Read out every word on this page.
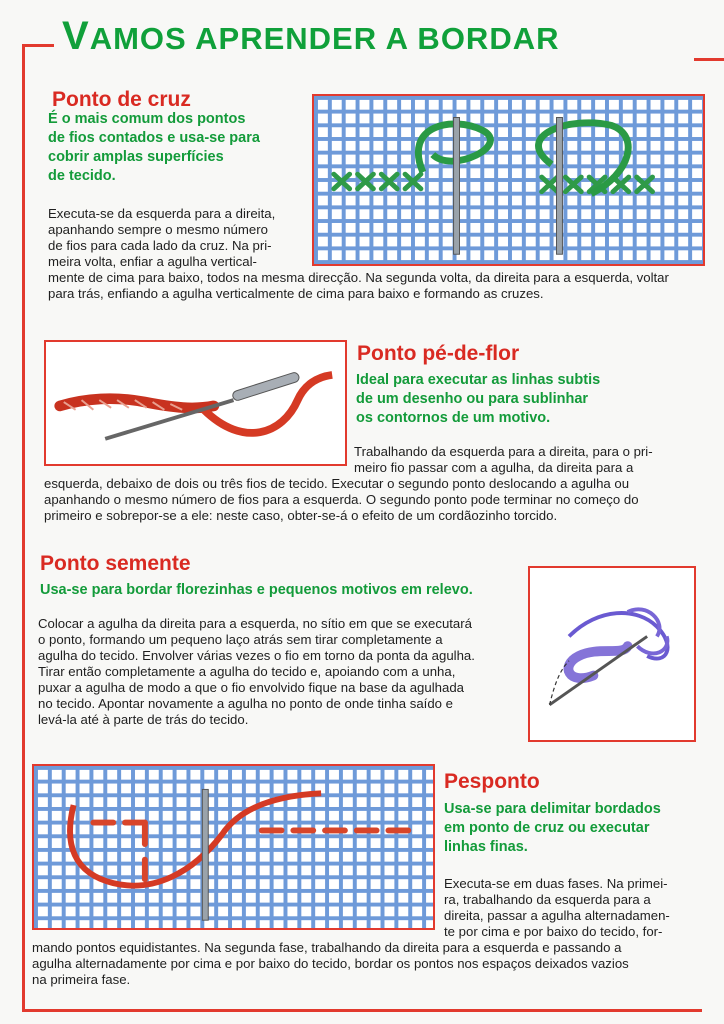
VAMOS APRENDER A BORDAR
Ponto de cruz
É o mais comum dos pontos
de fios contados e usa-se para
cobrir amplas superfícies
de tecido.
Executa-se da esquerda para a direita,
apanhando sempre o mesmo número
de fios para cada lado da cruz. Na pri-
meira volta, enfiar a agulha vertical-
mente de cima para baixo, todos na mesma direcção. Na segunda volta, da direita para a esquerda, voltar
para trás, enfiando a agulha verticalmente de cima para baixo e formando as cruzes.
Ponto pé-de-flor
Ideal para executar as linhas subtis
de um desenho ou para sublinhar
os contornos de um motivo.
Trabalhando da esquerda para a direita, para o pri-
meiro fio passar com a agulha, da direita para a
esquerda, debaixo de dois ou três fios de tecido. Executar o segundo ponto deslocando a agulha ou
apanhando o mesmo número de fios para a esquerda. O segundo ponto pode terminar no começo do
primeiro e sobrepor-se a ele: neste caso, obter-se-á o efeito de um cordãozinho torcido.
Ponto semente
Usa-se para bordar florezinhas e pequenos motivos em relevo.
Colocar a agulha da direita para a esquerda, no sítio em que se executará
o ponto, formando um pequeno laço atrás sem tirar completamente a
agulha do tecido. Envolver várias vezes o fio em torno da ponta da agulha.
Tirar então completamente a agulha do tecido e, apoiando com a unha,
puxar a agulha de modo a que o fio envolvido fique na base da agulhada
no tecido. Apontar novamente a agulha no ponto de onde tinha saído e
levá-la até à parte de trás do tecido.
Pesponto
Usa-se para delimitar bordados
em ponto de cruz ou executar
linhas finas.
Executa-se em duas fases. Na primei-
ra, trabalhando da esquerda para a
direita, passar a agulha alternadamen-
te por cima e por baixo do tecido, for-
mando pontos equidistantes. Na segunda fase, trabalhando da direita para a esquerda e passando a
agulha alternadamente por cima e por baixo do tecido, bordar os pontos nos espaços deixados vazios
na primeira fase.
